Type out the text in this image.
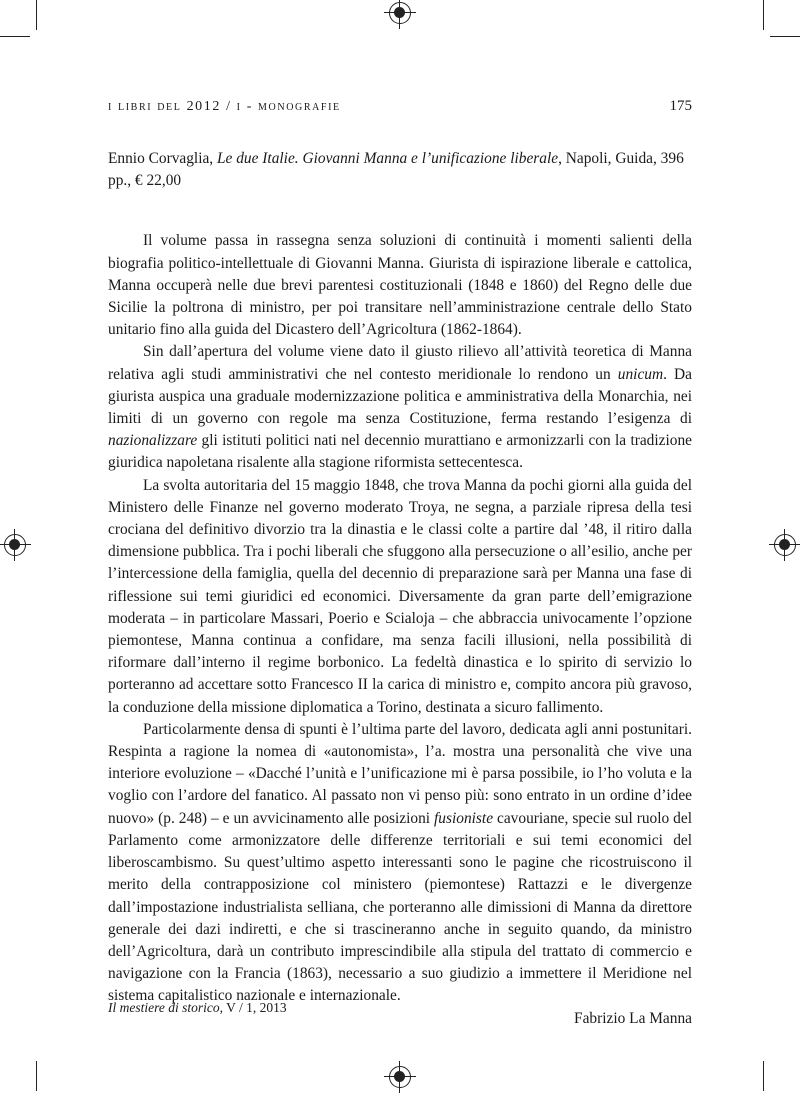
i libri del 2012 / i - monografie	175

Ennio Corvaglia, Le due Italie. Giovanni Manna e l’unificazione liberale, Napoli, Guida, 396 pp., € 22,00

Il volume passa in rassegna senza soluzioni di continuità i momenti salienti della biografia politico-intellettuale di Giovanni Manna. Giurista di ispirazione liberale e cattolica, Manna occuperà nelle due brevi parentesi costituzionali (1848 e 1860) del Regno delle due Sicilie la poltrona di ministro, per poi transitare nell’amministrazione centrale dello Stato unitario fino alla guida del Dicastero dell’Agricoltura (1862-1864).

Sin dall’apertura del volume viene dato il giusto rilievo all’attività teoretica di Manna relativa agli studi amministrativi che nel contesto meridionale lo rendono un unicum. Da giurista auspica una graduale modernizzazione politica e amministrativa della Monarchia, nei limiti di un governo con regole ma senza Costituzione, ferma restando l’esigenza di nazionalizzare gli istituti politici nati nel decennio murattiano e armonizzarli con la tradizione giuridica napoletana risalente alla stagione riformista settecentesca.

La svolta autoritaria del 15 maggio 1848, che trova Manna da pochi giorni alla guida del Ministero delle Finanze nel governo moderato Troya, ne segna, a parziale ripresa della tesi crociana del definitivo divorzio tra la dinastia e le classi colte a partire dal ’48, il ritiro dalla dimensione pubblica. Tra i pochi liberali che sfuggono alla persecuzione o all’esilio, anche per l’intercessione della famiglia, quella del decennio di preparazione sarà per Manna una fase di riflessione sui temi giuridici ed economici. Diversamente da gran parte dell’emigrazione moderata – in particolare Massari, Poerio e Scialoja – che abbraccia univocamente l’opzione piemontese, Manna continua a confidare, ma senza facili illusioni, nella possibilità di riformare dall’interno il regime borbonico. La fedeltà dinastica e lo spirito di servizio lo porteranno ad accettare sotto Francesco II la carica di ministro e, compito ancora più gravoso, la conduzione della missione diplomatica a Torino, destinata a sicuro fallimento.

Particolarmente densa di spunti è l’ultima parte del lavoro, dedicata agli anni postunitari. Respinta a ragione la nomea di «autonomista», l’a. mostra una personalità che vive una interiore evoluzione – «Dacché l’unità e l’unificazione mi è parsa possibile, io l’ho voluta e la voglio con l’ardore del fanatico. Al passato non vi penso più: sono entrato in un ordine d’idee nuovo» (p. 248) – e un avvicinamento alle posizioni fusioniste cavouriane, specie sul ruolo del Parlamento come armonizzatore delle differenze territoriali e sui temi economici del liberoscambismo. Su quest’ultimo aspetto interessanti sono le pagine che ricostruiscono il merito della contrapposizione col ministero (piemontese) Rattazzi e le divergenze dall’impostazione industrialista selliana, che porteranno alle dimissioni di Manna da direttore generale dei dazi indiretti, e che si trascineranno anche in seguito quando, da ministro dell’Agricoltura, darà un contributo imprescindibile alla stipula del trattato di commercio e navigazione con la Francia (1863), necessario a suo giudizio a immettere il Meridione nel sistema capitalistico nazionale e internazionale.

Fabrizio La Manna

Il mestiere di storico, V / 1, 2013
